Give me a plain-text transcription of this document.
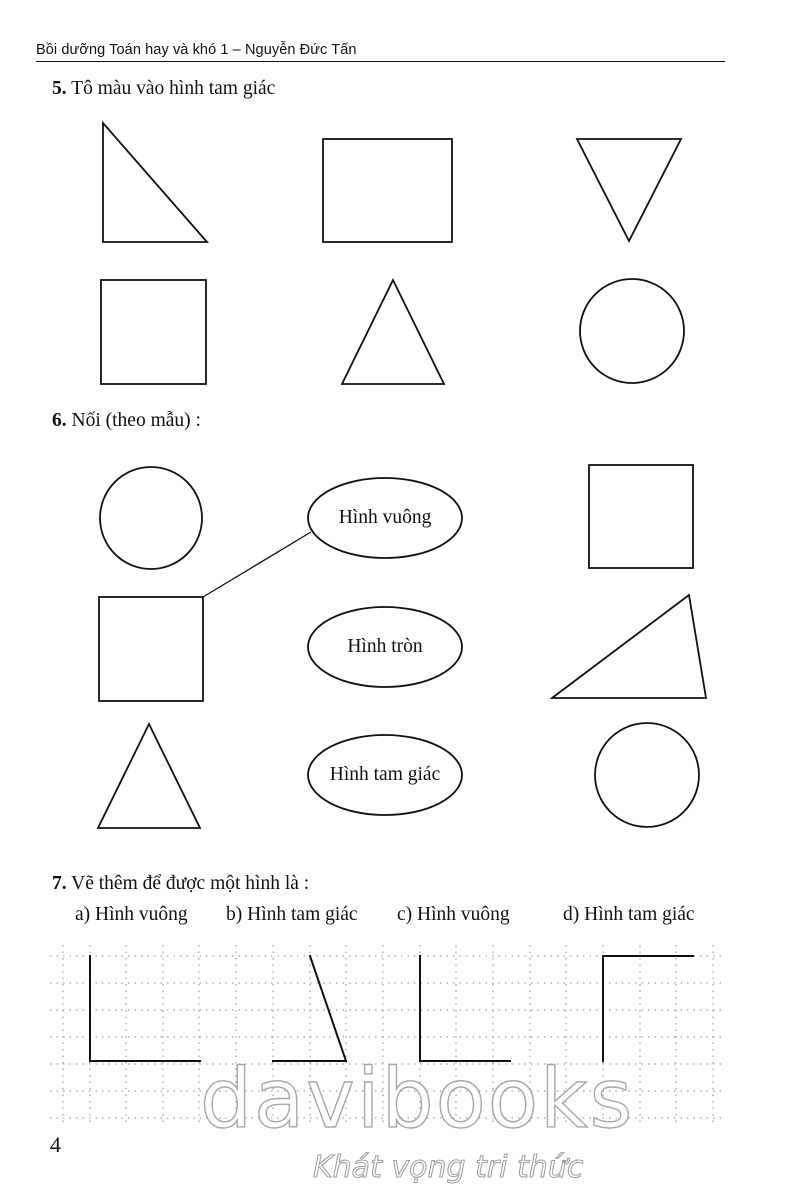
Bồi dưỡng Toán hay và khó 1 – Nguyễn Đức Tấn
5. Tô màu vào hình tam giác
6. Nối (theo mẫu) :
7. Vẽ thêm để được một hình là :
a) Hình vuông b) Hình tam giác c) Hình vuông	d) Hình tam giác
Hình vuông
Hình tròn
Hình tam giác
4 davibooks
Khát vọng tri thức
